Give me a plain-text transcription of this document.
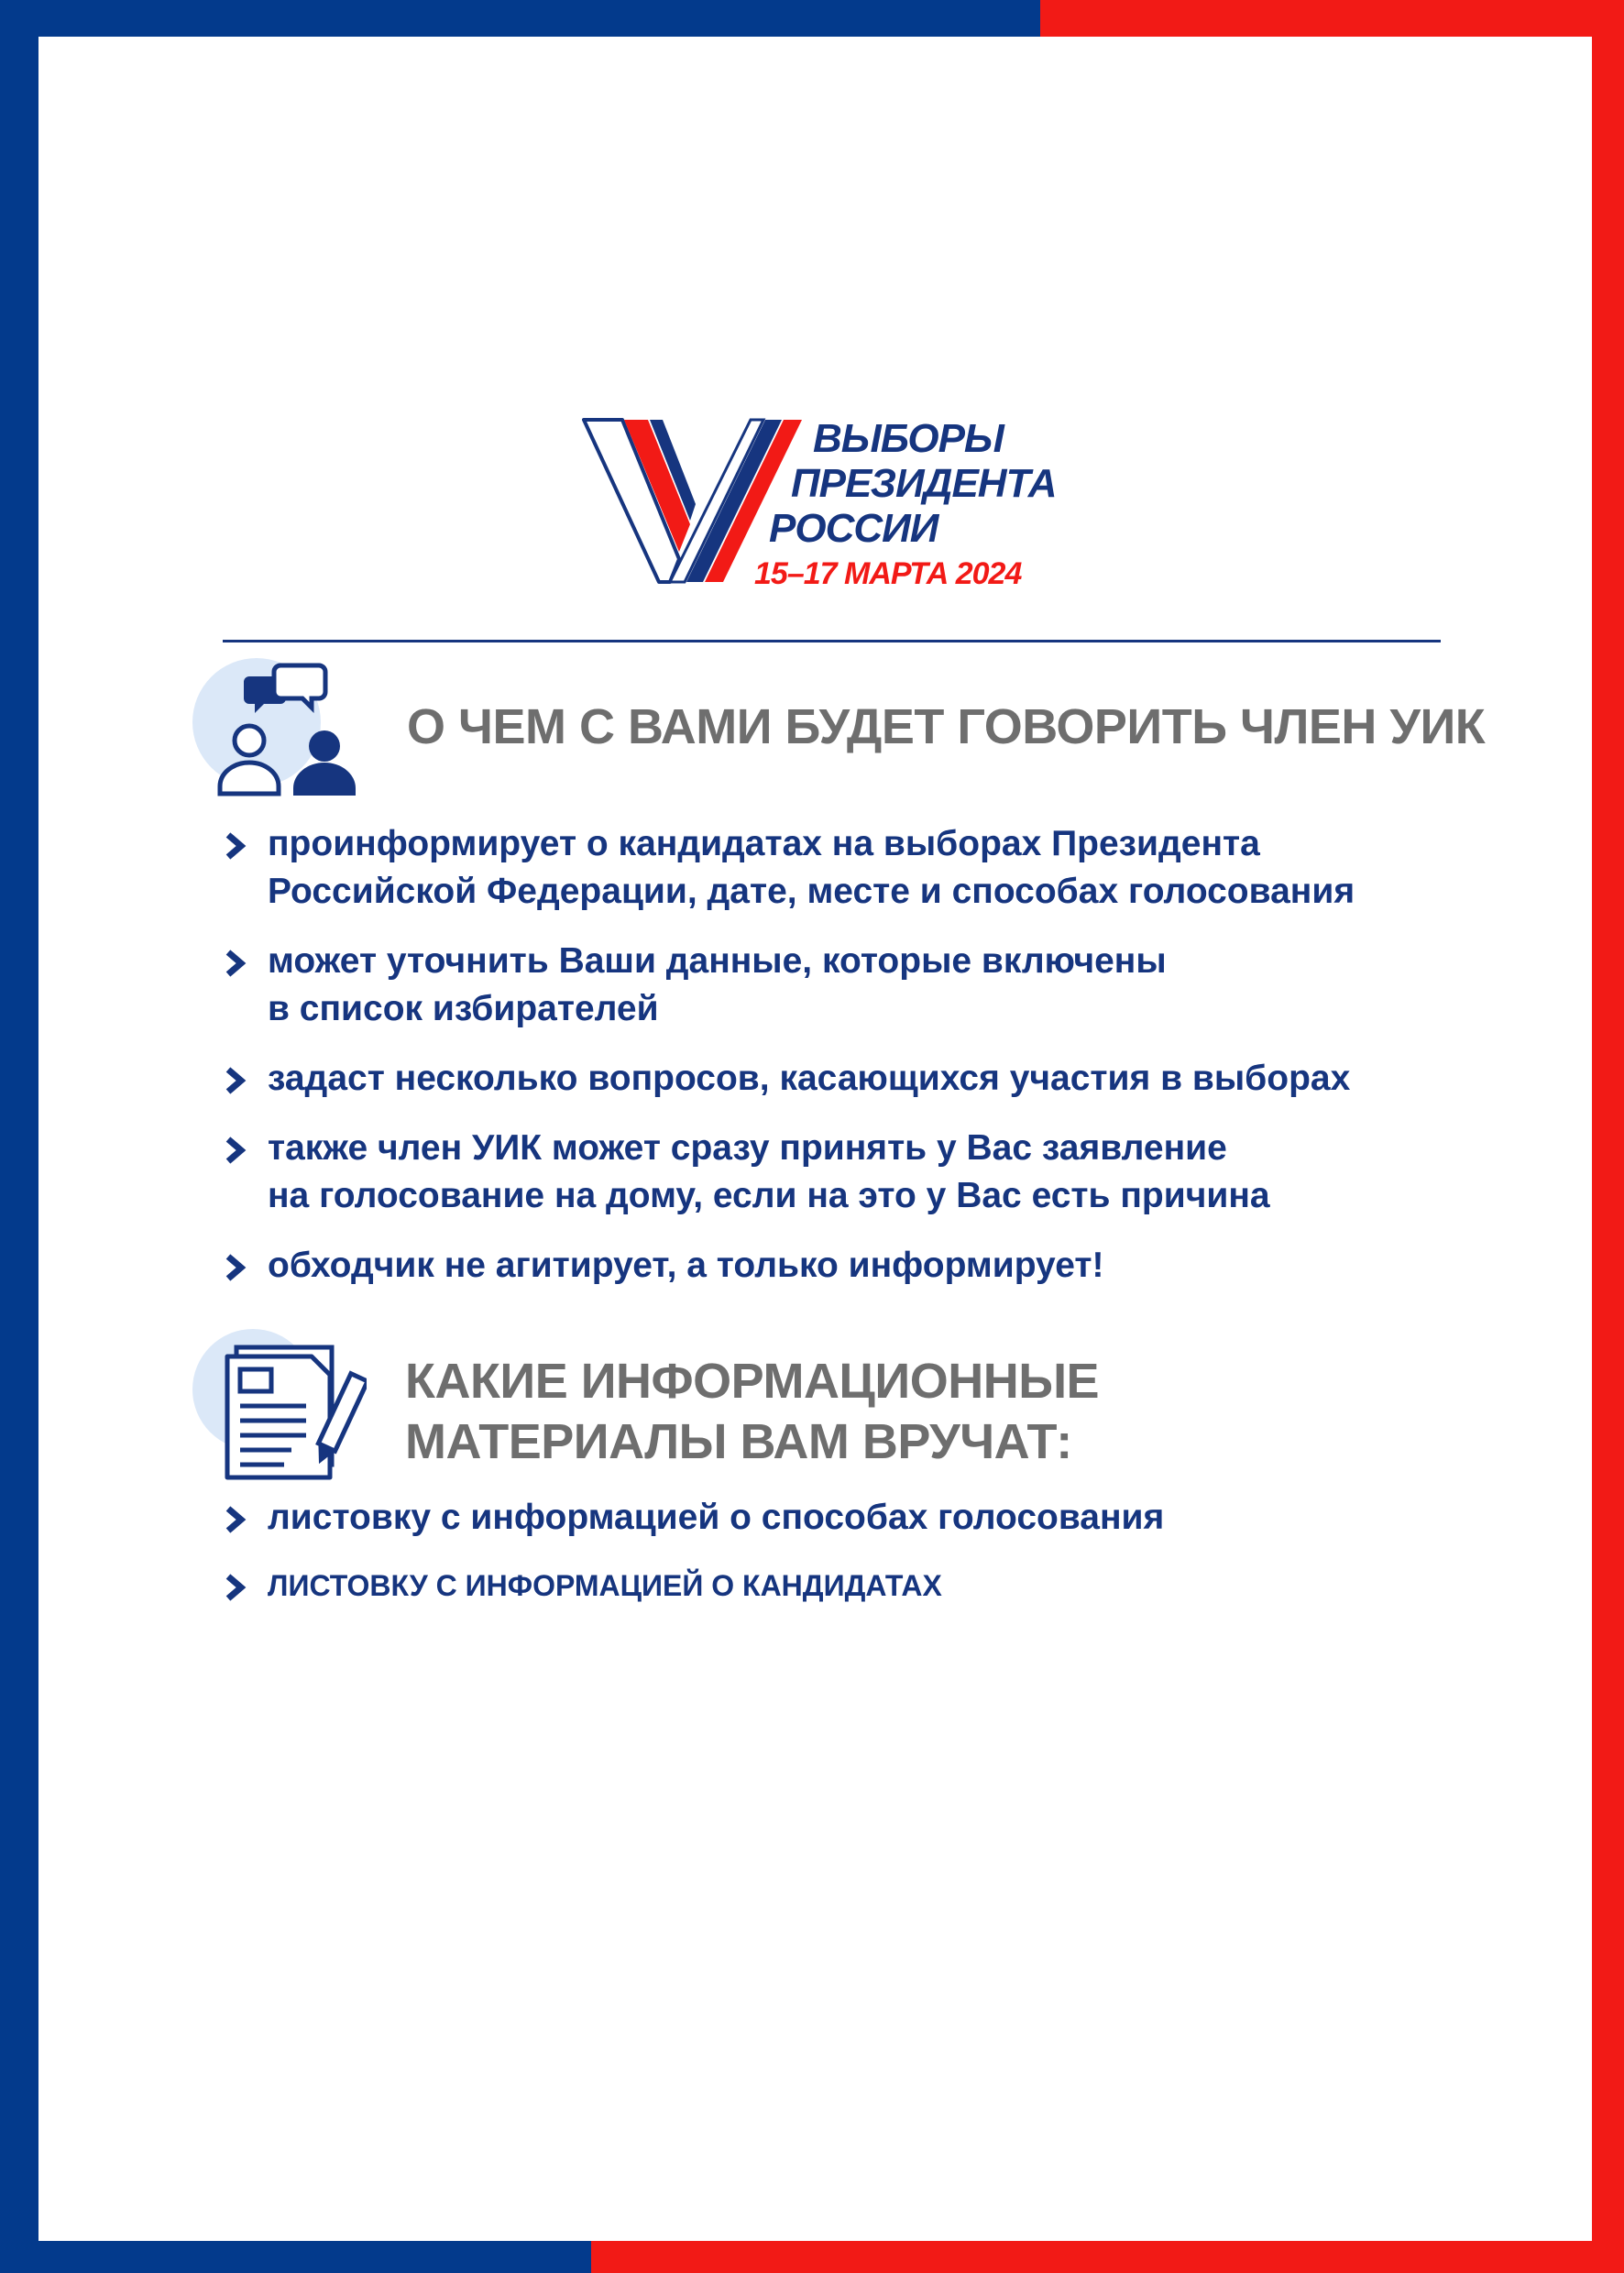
ВЫБОРЫ
ПРЕЗИДЕНТА
РОССИИ
15–17 МАРТА 2024
О ЧЕМ С ВАМИ БУДЕТ ГОВОРИТЬ ЧЛЕН УИК
проинформирует о кандидатах на выборах Президента
Российской Федерации, дате, месте и способах голосования
может уточнить Ваши данные, которые включены
в список избирателей
задаст несколько вопросов, касающихся участия в выборах
также член УИК может сразу принять у Вас заявление
на голосование на дому, если на это у Вас есть причина
обходчик не агитирует, а только информирует!
КАКИЕ ИНФОРМАЦИОННЫЕ
МАТЕРИАЛЫ ВАМ ВРУЧАТ:
листовку с информацией о способах голосования
ЛИСТОВКУ С ИНФОРМАЦИЕЙ О КАНДИДАТАХ
